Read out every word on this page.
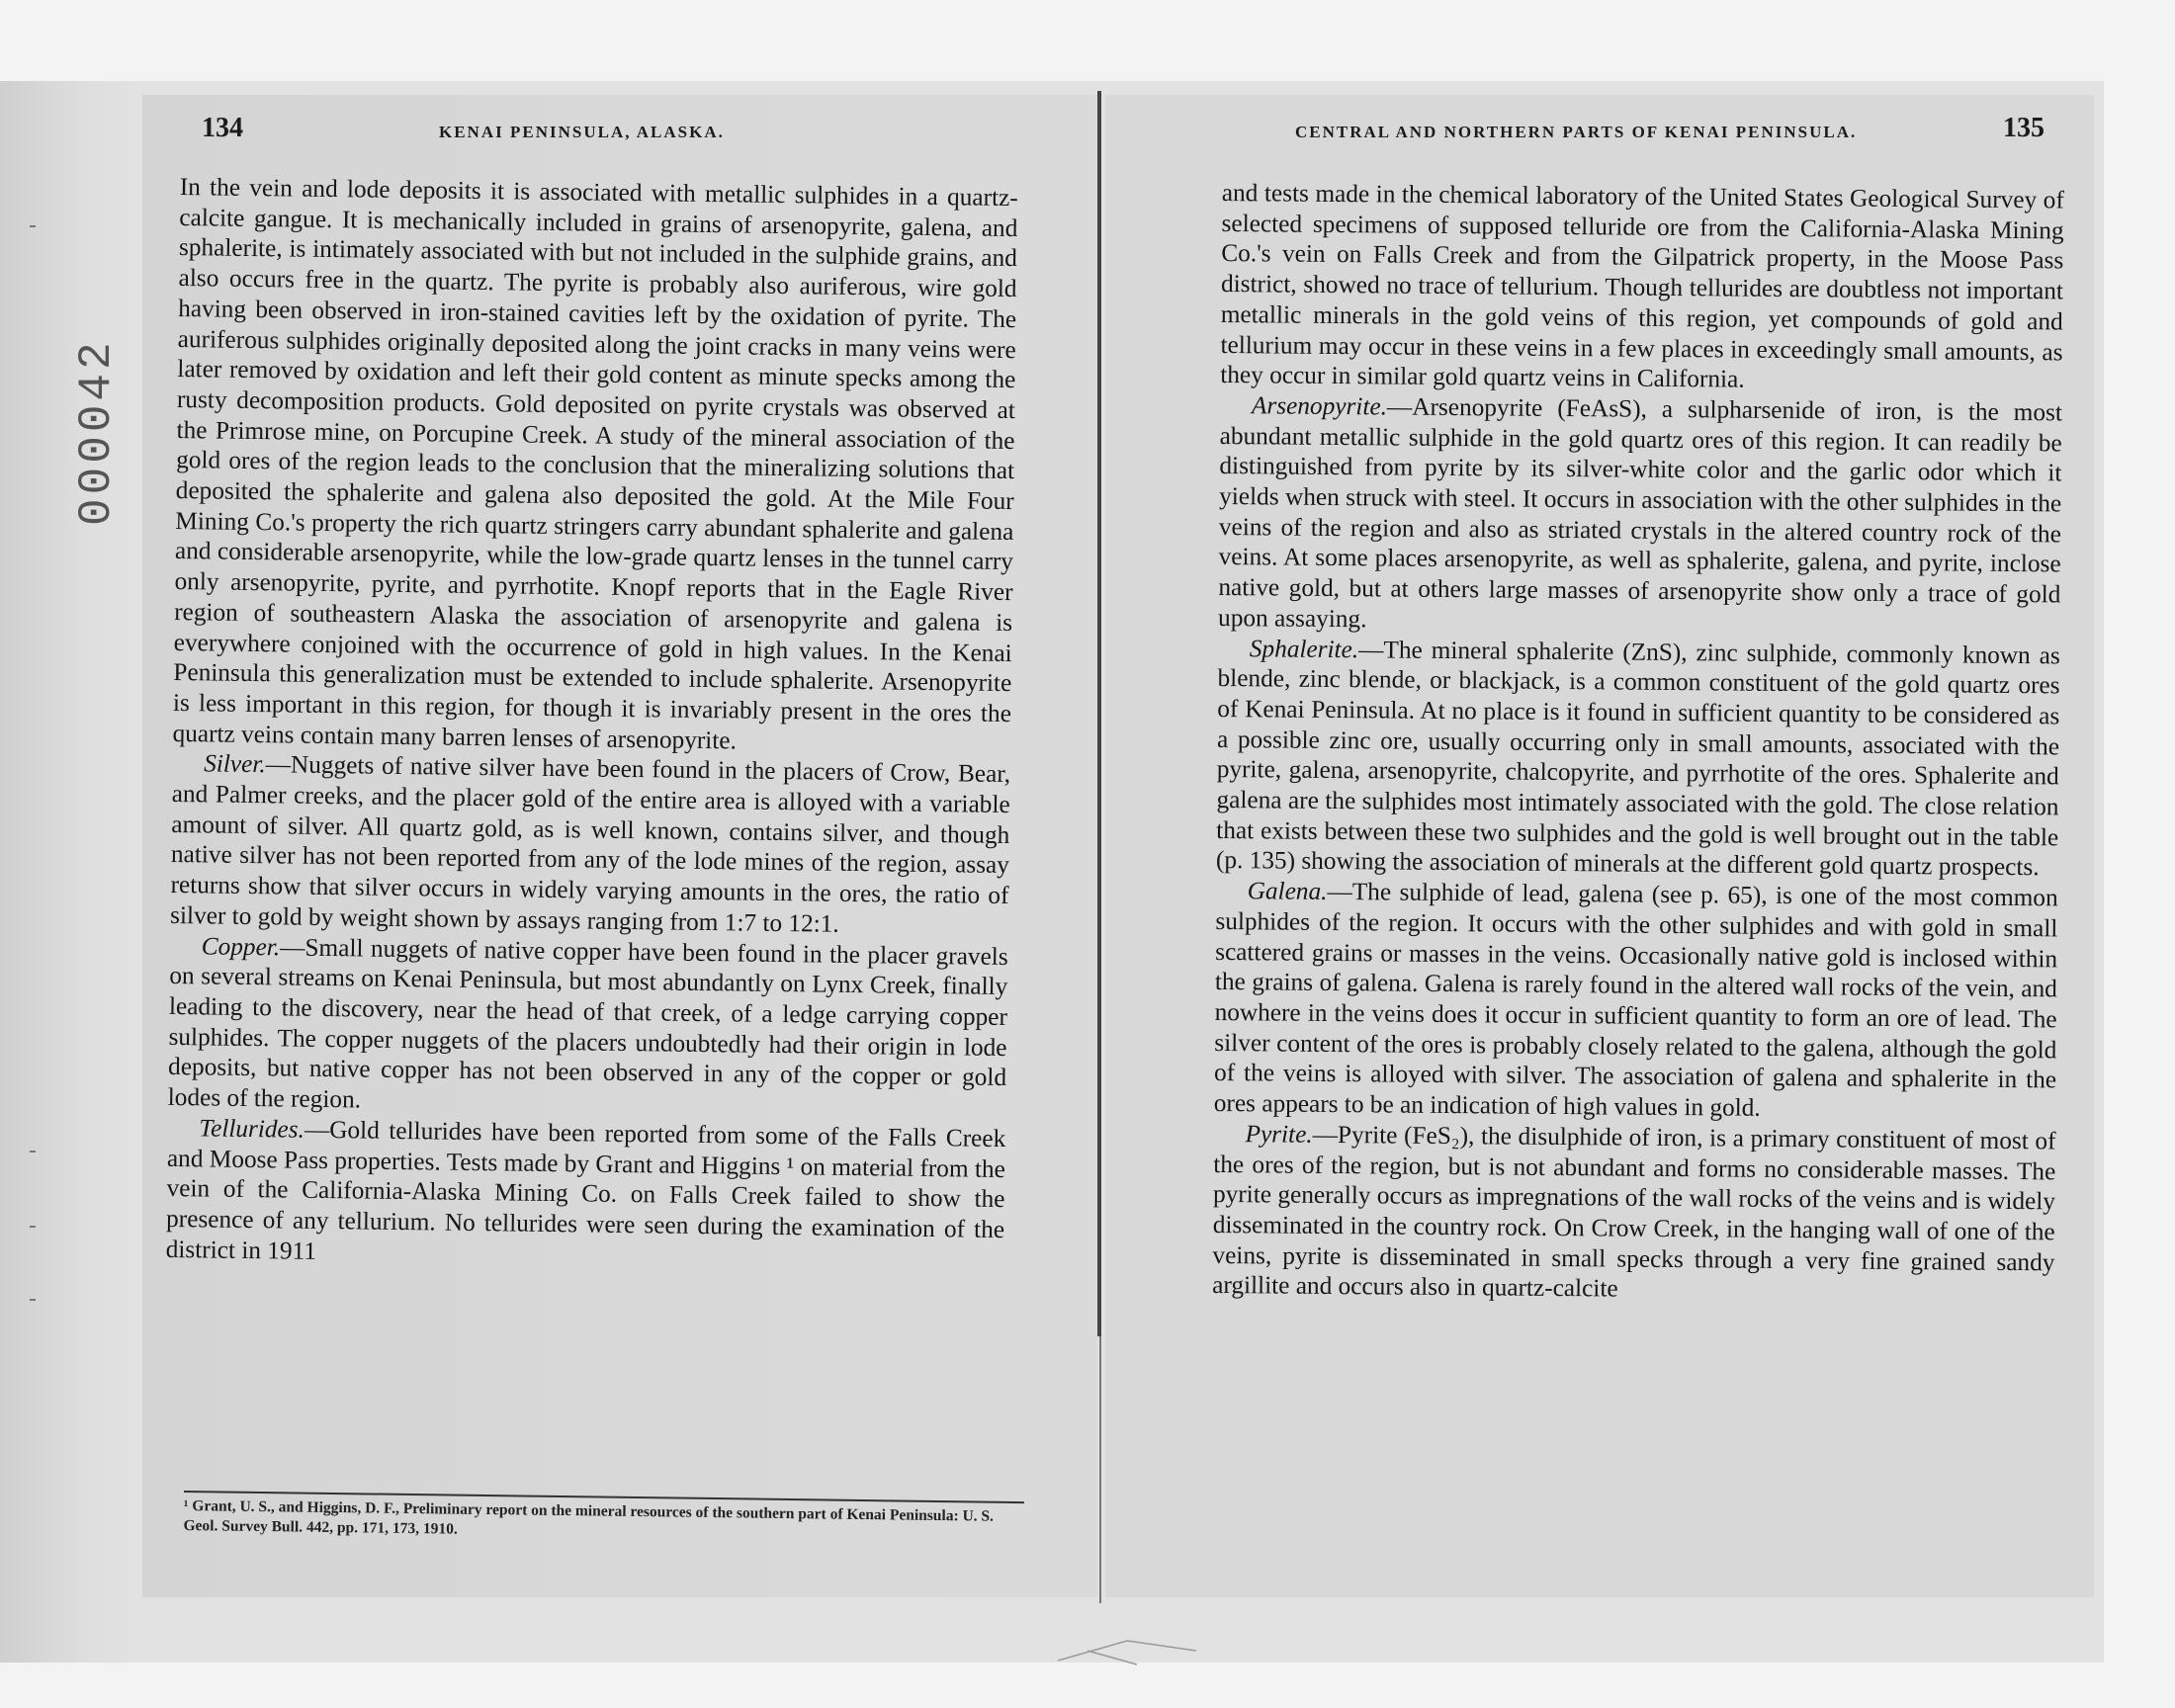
000042
134	KENAI PENINSULA, ALASKA.

In the vein and lode deposits it is associated with metallic sulphides in a quartz-calcite gangue. It is mechanically included in grains of arsenopyrite, galena, and sphalerite, is intimately associated with but not included in the sulphide grains, and also occurs free in the quartz. The pyrite is probably also auriferous, wire gold having been observed in iron-stained cavities left by the oxidation of pyrite. The auriferous sulphides originally deposited along the joint cracks in many veins were later removed by oxidation and left their gold content as minute specks among the rusty decomposition products. Gold deposited on pyrite crystals was observed at the Primrose mine, on Porcupine Creek. A study of the mineral association of the gold ores of the region leads to the conclusion that the mineralizing solutions that deposited the sphalerite and galena also deposited the gold. At the Mile Four Mining Co.'s property the rich quartz stringers carry abundant sphalerite and galena and considerable arsenopyrite, while the low-grade quartz lenses in the tunnel carry only arsenopyrite, pyrite, and pyrrhotite. Knopf reports that in the Eagle River region of southeastern Alaska the association of arsenopyrite and galena is everywhere conjoined with the occurrence of gold in high values. In the Kenai Peninsula this generalization must be extended to include sphalerite. Arsenopyrite is less important in this region, for though it is invariably present in the ores the quartz veins contain many barren lenses of arsenopyrite.

Silver.—Nuggets of native silver have been found in the placers of Crow, Bear, and Palmer creeks, and the placer gold of the entire area is alloyed with a variable amount of silver. All quartz gold, as is well known, contains silver, and though native silver has not been reported from any of the lode mines of the region, assay returns show that silver occurs in widely varying amounts in the ores, the ratio of silver to gold by weight shown by assays ranging from 1:7 to 12:1.

Copper.—Small nuggets of native copper have been found in the placer gravels on several streams on Kenai Peninsula, but most abundantly on Lynx Creek, finally leading to the discovery, near the head of that creek, of a ledge carrying copper sulphides. The copper nuggets of the placers undoubtedly had their origin in lode deposits, but native copper has not been observed in any of the copper or gold lodes of the region.

Tellurides.—Gold tellurides have been reported from some of the Falls Creek and Moose Pass properties. Tests made by Grant and Higgins ¹ on material from the vein of the California-Alaska Mining Co. on Falls Creek failed to show the presence of any tellurium. No tellurides were seen during the examination of the district in 1911

¹ Grant, U. S., and Higgins, D. F., Preliminary report on the mineral resources of the southern part of Kenai Peninsula: U. S. Geol. Survey Bull. 442, pp. 171, 173, 1910.
CENTRAL AND NORTHERN PARTS OF KENAI PENINSULA.	135

and tests made in the chemical laboratory of the United States Geological Survey of selected specimens of supposed telluride ore from the California-Alaska Mining Co.'s vein on Falls Creek and from the Gilpatrick property, in the Moose Pass district, showed no trace of tellurium. Though tellurides are doubtless not important metallic minerals in the gold veins of this region, yet compounds of gold and tellurium may occur in these veins in a few places in exceedingly small amounts, as they occur in similar gold quartz veins in California.

Arsenopyrite.—Arsenopyrite (FeAsS), a sulpharsenide of iron, is the most abundant metallic sulphide in the gold quartz ores of this region. It can readily be distinguished from pyrite by its silver-white color and the garlic odor which it yields when struck with steel. It occurs in association with the other sulphides in the veins of the region and also as striated crystals in the altered country rock of the veins. At some places arsenopyrite, as well as sphalerite, galena, and pyrite, inclose native gold, but at others large masses of arsenopyrite show only a trace of gold upon assaying.

Sphalerite.—The mineral sphalerite (ZnS), zinc sulphide, commonly known as blende, zinc blende, or blackjack, is a common constituent of the gold quartz ores of Kenai Peninsula. At no place is it found in sufficient quantity to be considered as a possible zinc ore, usually occurring only in small amounts, associated with the pyrite, galena, arsenopyrite, chalcopyrite, and pyrrhotite of the ores. Sphalerite and galena are the sulphides most intimately associated with the gold. The close relation that exists between these two sulphides and the gold is well brought out in the table (p. 135) showing the association of minerals at the different gold quartz prospects.

Galena.—The sulphide of lead, galena (see p. 65), is one of the most common sulphides of the region. It occurs with the other sulphides and with gold in small scattered grains or masses in the veins. Occasionally native gold is inclosed within the grains of galena. Galena is rarely found in the altered wall rocks of the vein, and nowhere in the veins does it occur in sufficient quantity to form an ore of lead. The silver content of the ores is probably closely related to the galena, although the gold of the veins is alloyed with silver. The association of galena and sphalerite in the ores appears to be an indication of high values in gold.

Pyrite.—Pyrite (FeS₂), the disulphide of iron, is a primary constituent of most of the ores of the region, but is not abundant and forms no considerable masses. The pyrite generally occurs as impregnations of the wall rocks of the veins and is widely disseminated in the country rock. On Crow Creek, in the hanging wall of one of the veins, pyrite is disseminated in small specks through a very fine grained sandy argillite and occurs also in quartz-calcite
